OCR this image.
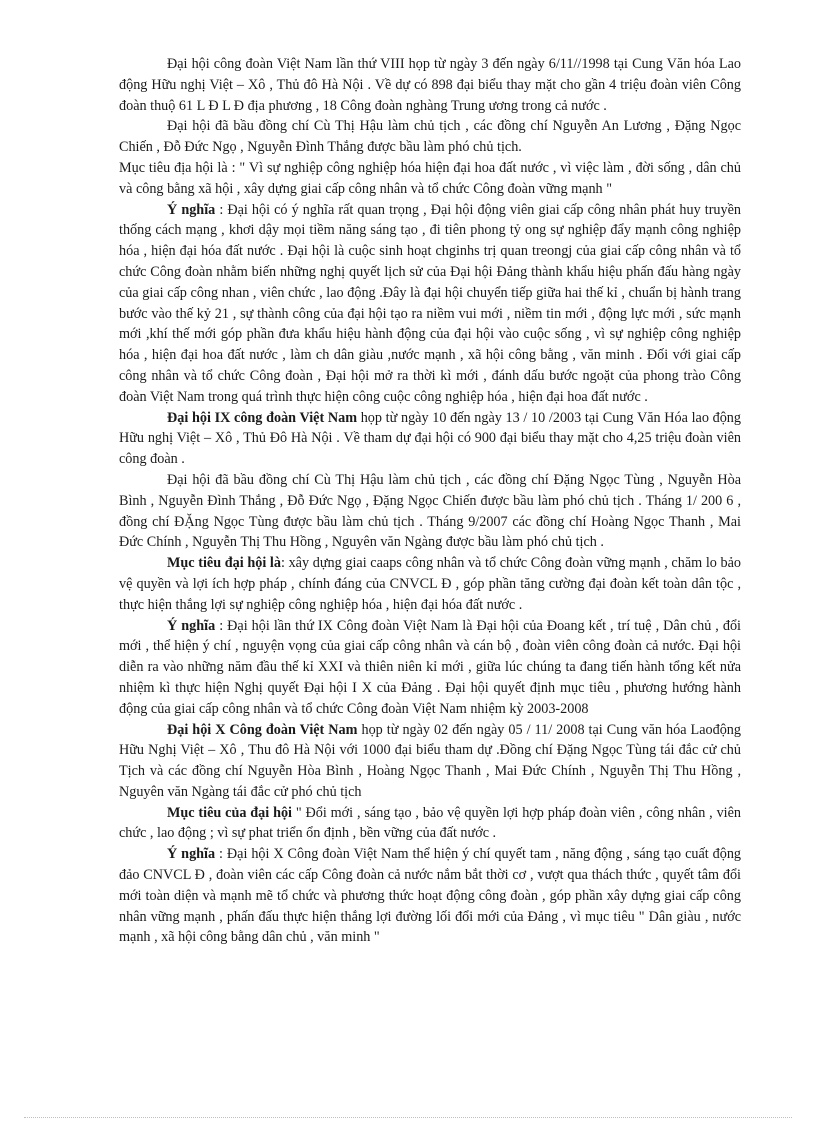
Đại hội công đoàn Việt Nam lần thứ VIII họp từ ngày 3 đến ngày 6/11//1998 tại Cung Văn hóa Lao động Hữu nghị Việt – Xô , Thủ đô Hà Nội . Về dự có 898 đại biểu thay mặt cho gần 4 triệu đoàn viên Công đoàn thuộ 61 L Đ L Đ địa phương , 18 Công đoàn nghàng Trung ương trong cả nước .

Đại hội đã bầu đồng chí Cù Thị Hậu làm chủ tịch , các đồng chí Nguyễn An Lương , Đặng Ngọc Chiến , Đỗ Đức Ngọ , Nguyễn Đình Thắng được bầu làm phó chủ tịch.

Mục tiêu địa hội là : " Vì sự nghiệp công nghiệp hóa hiện đại hoa đất nước , vì việc làm , đời sống , dân chủ và công bằng xã hội , xây dựng giai cấp công nhân và tổ chức Công đoàn vững mạnh "

Ý nghĩa : Đại hội có ý nghĩa rất quan trọng , Đại hội động viên giai cấp công nhân phát huy truyền thống cách mạng , khơi dậy mọi tiềm năng sáng tạo , đi tiên phong tỷ ong sự nghiệp đẩy mạnh công nghiệp hóa , hiện đại hóa đất nước . Đại hội là cuộc sinh hoạt chginhs trị quan treongj của giai cấp công nhân và tổ chức Công đoàn nhằm biến những nghị quyết lịch sử của Đại hội Đảng thành khẩu hiệu phấn đấu hàng ngày của giai cấp công nhan , viên chức , lao động .Đây là đại hội chuyển tiếp giữa hai thế kỉ , chuẩn bị hành trang bước vào thế kỷ 21 , sự thành công của đại hội tạo ra niềm vui mới , niềm tin mới , động lực mới , sức mạnh mới ,khí thế mới góp phần đưa khẩu hiệu hành động của đại hội vào cuộc sống , vì sự nghiệp công nghiệp hóa , hiện đại hoa đất nước , làm ch dân giàu ,nước mạnh , xã hội công bằng , văn minh . Đối với giai cấp công nhân và tổ chức Công đoàn , Đại hội mở ra thời kì mới , đánh dấu bước ngoặt của phong trào Công đoàn Việt Nam trong quá trình thực hiện công cuộc công nghiệp hóa , hiện đại hoa đất nước .

Đại hội IX công đoàn Việt Nam họp từ ngày 10 đến ngày 13 / 10 /2003 tại Cung Văn Hóa lao động Hữu nghị Việt – Xô , Thủ Đô Hà Nội . Về tham dự đại hội có 900 đại biểu thay mặt cho 4,25 triệu đoàn viên công đoàn .

Đại hội đã bầu đồng chí Cù Thị Hậu làm chủ tịch , các đồng chí Đặng Ngọc Tùng , Nguyễn Hòa Bình , Nguyễn Đình Thắng , Đỗ Đức Ngọ , Đặng Ngọc Chiến được bầu làm phó chủ tịch . Tháng 1/ 200 6 , đồng chí ĐẶng Ngọc Tùng được bầu làm chủ tịch . Tháng 9/2007 các đồng chí Hoàng Ngọc Thanh , Mai Đức Chính , Nguyễn Thị Thu Hồng , Nguyên văn Ngàng được bầu làm phó chủ tịch .

Mục tiêu đại hội là: xây dựng giai caaps công nhân và tổ chức Công đoàn vững mạnh , chăm lo bảo vệ quyền và lợi ích hợp pháp , chính đáng của CNVCL Đ , góp phần tăng cường đại đoàn kết toàn dân tộc , thực hiện thắng lợi sự nghiệp công nghiệp hóa , hiện đại hóa đất nước .

Ý nghĩa : Đại hội lần thứ IX Công đoàn Việt Nam là Đại hội của Đoang kết , trí tuệ , Dân chủ , đổi mới , thể hiện ý chí , nguyện vọng của giai cấp công nhân và cán bộ , đoàn viên công đoàn cả nước. Đại hội diễn ra vào những năm đầu thế kỉ XXI và thiên niên kỉ mới , giữa lúc chúng ta đang tiến hành tổng kết nửa nhiệm kì thực hiện Nghị quyết Đại hội I X của Đảng . Đại hội quyết định mục tiêu , phương hướng hành động của giai cấp công nhân và tổ chức Công đoàn Việt Nam nhiệm kỳ 2003-2008

Đại hội X Công đoàn Việt Nam họp từ ngày 02 đến ngày 05 / 11/ 2008 tại Cung văn hóa Laođộng Hữu Nghị Việt – Xô , Thu đô Hà Nội với 1000 đại biểu tham dự .Đồng chí Đặng Ngọc Tùng tái đắc cử chủ Tịch và các đồng chí Nguyễn Hòa Bình , Hoàng Ngọc Thanh , Mai Đức Chính , Nguyễn Thị Thu Hồng , Nguyên văn Ngàng tái đắc cử phó chủ tịch

Mục tiêu của đại hội " Đổi mới , sáng tạo , bảo vệ quyền lợi hợp pháp đoàn viên , công nhân , viên chức , lao động ; vì sự phat triển ổn định , bền vững của đất nước .

Ý nghĩa : Đại hội X Công đoàn Việt Nam thể hiện ý chí quyết tam , năng động , sáng tạo cuất động đảo CNVCL Đ , đoàn viên các cấp Công đoàn cả nước nắm bắt thời cơ , vượt qua thách thức , quyết tâm đổi mới toàn diện và mạnh mẽ tổ chức và phương thức hoạt động công đoàn , góp phần xây dựng giai cấp công nhân vững mạnh , phấn đấu thực hiện thắng lợi đường lối đổi mới của Đảng , vì mục tiêu " Dân giàu , nước mạnh , xã hội công bằng dân chủ , văn minh "
